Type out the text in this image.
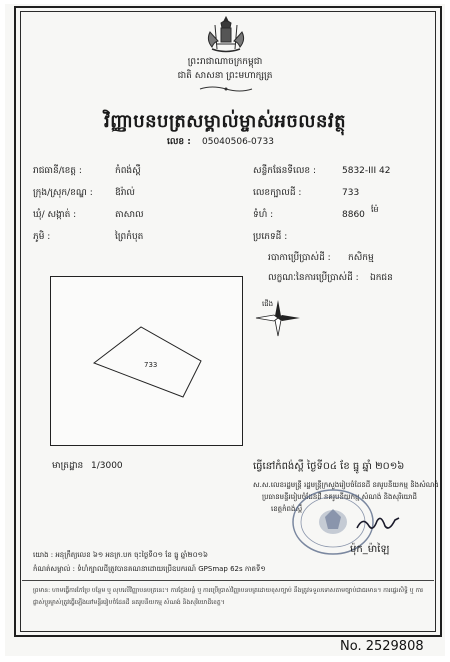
ព្រះរាជាណាចក្រកម្ពុជា
ជាតិ សាសនា ព្រះមហាក្សត្រ
វិញ្ញាបនបត្រសម្គាល់ម្ចាស់អចលនវត្ថុ
លេខ : 05040506-0733
រាជធានី/ខេត្ត :	កំពង់ស្ពឺ
ក្រុង/ស្រុក/ខណ្ឌ : ឱរ៉ាល់
ឃុំ/ សង្កាត់ :	តាសាល
ភូមិ :	ព្រៃកំបុត
សន្លឹកផែនទីលេខ :	5832-III 42
លេខក្បាលដី :	733
ទំហំ :	8860
ម៉ែ
ប្រភេទដី :
របាកាប្រើប្រាស់ដី : កសិកម្ម
លក្ខណៈនៃការប្រើប្រាស់ដី : ឯកជន
733
ជើង
មាត្រដ្ឋាន 1/3000	ធ្វើនៅកំពង់ស្ពឺ ថ្ងៃទី០៤ ខែ ធ្នូ ឆ្នាំ ២០១៦
ស.ស.លេខរដ្ឋមន្ត្រី រដ្ឋមន្ត្រីក្រសួងរៀបចំដែនដី នគរូបនីយកម្ម និងសំណង់
ប្រធានមន្ទីររៀបចំដែនដី នគរូបនីយកម្ម សំណង់ និងសុរិយោដី
ខេត្តកំពង់ស្ពឺ
ម៉ុក_ម៉ាឡៃ
យោង : អនុក្រឹត្យលេខ ៦១ អនក្រ.បក ចុះថ្ងៃទី០១ ខែ ធ្នូ ឆ្នាំ២០១៦
កំណត់សម្គាល់ : ទំហំក្បាលដីត្រូវបានគណនាដោយប្រើឧបករណ៍ GPSmap 62s កាតទី១
ព្រមាន: ហាមធ្វើការកែប្រែ បន្ថែម ឬ លុបលើវិញ្ញាបនបត្រនេះ។ ការក្លែងបន្លំ ឬ ការប្រើប្រាស់វិញ្ញាបនបត្រដោយខុសច្បាប់ នឹងត្រូវទទួលទោសតាមច្បាប់ជាធរមាន។ ការផ្ទេរសិទ្ធិ ឬ ការផ្លាស់ប្តូរម្ចាស់ត្រូវធ្វើឡើងនៅមន្ទីររៀបចំដែនដី នគរូបនីយកម្ម សំណង់ និងសុរិយោដីខេត្ត។
No. 2529808
